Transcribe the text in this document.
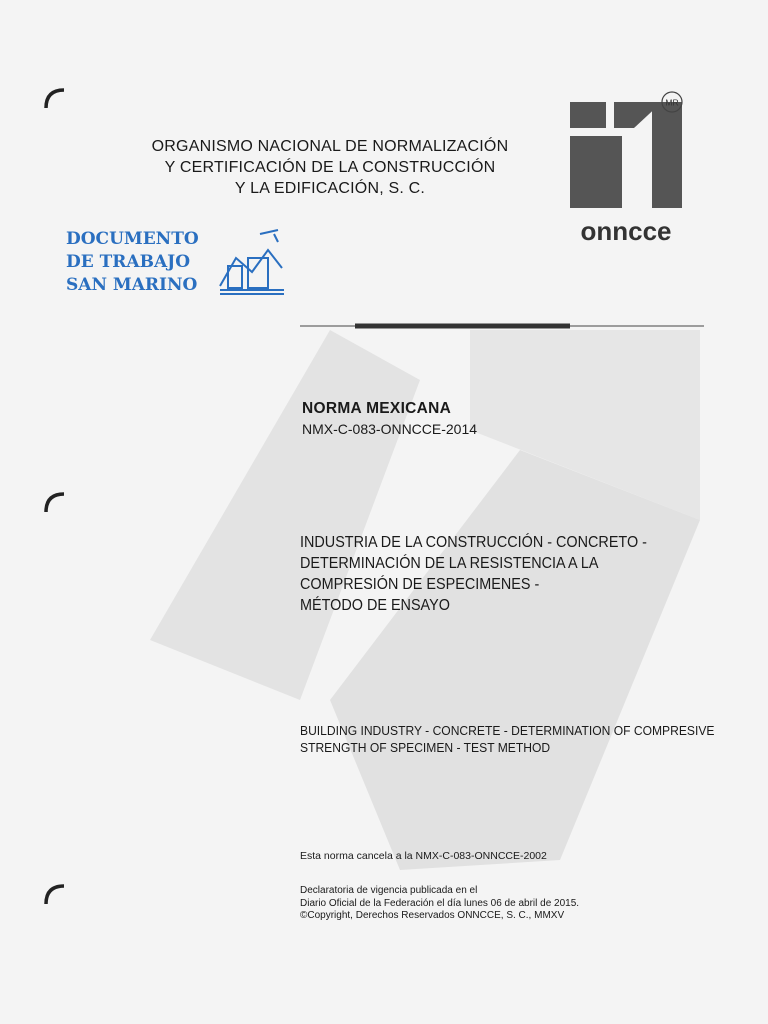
ORGANISMO NACIONAL DE NORMALIZACIÓN
Y CERTIFICACIÓN DE LA CONSTRUCCIÓN
Y LA EDIFICACIÓN, S. C.
MR
onncce
DOCUMENTO
DE TRABAJO
SAN MARINO
NORMA MEXICANA
NMX-C-083-ONNCCE-2014
INDUSTRIA DE LA CONSTRUCCIÓN - CONCRETO -
DETERMINACIÓN DE LA RESISTENCIA A LA
COMPRESIÓN DE ESPECIMENES -
MÉTODO DE ENSAYO
BUILDING INDUSTRY - CONCRETE - DETERMINATION OF COMPRESIVE
STRENGTH OF SPECIMEN - TEST METHOD
Esta norma cancela a la NMX-C-083-ONNCCE-2002
Declaratoria de vigencia publicada en el
Diario Oficial de la Federación el día lunes 06 de abril de 2015.
©Copyright, Derechos Reservados ONNCCE, S. C., MMXV
